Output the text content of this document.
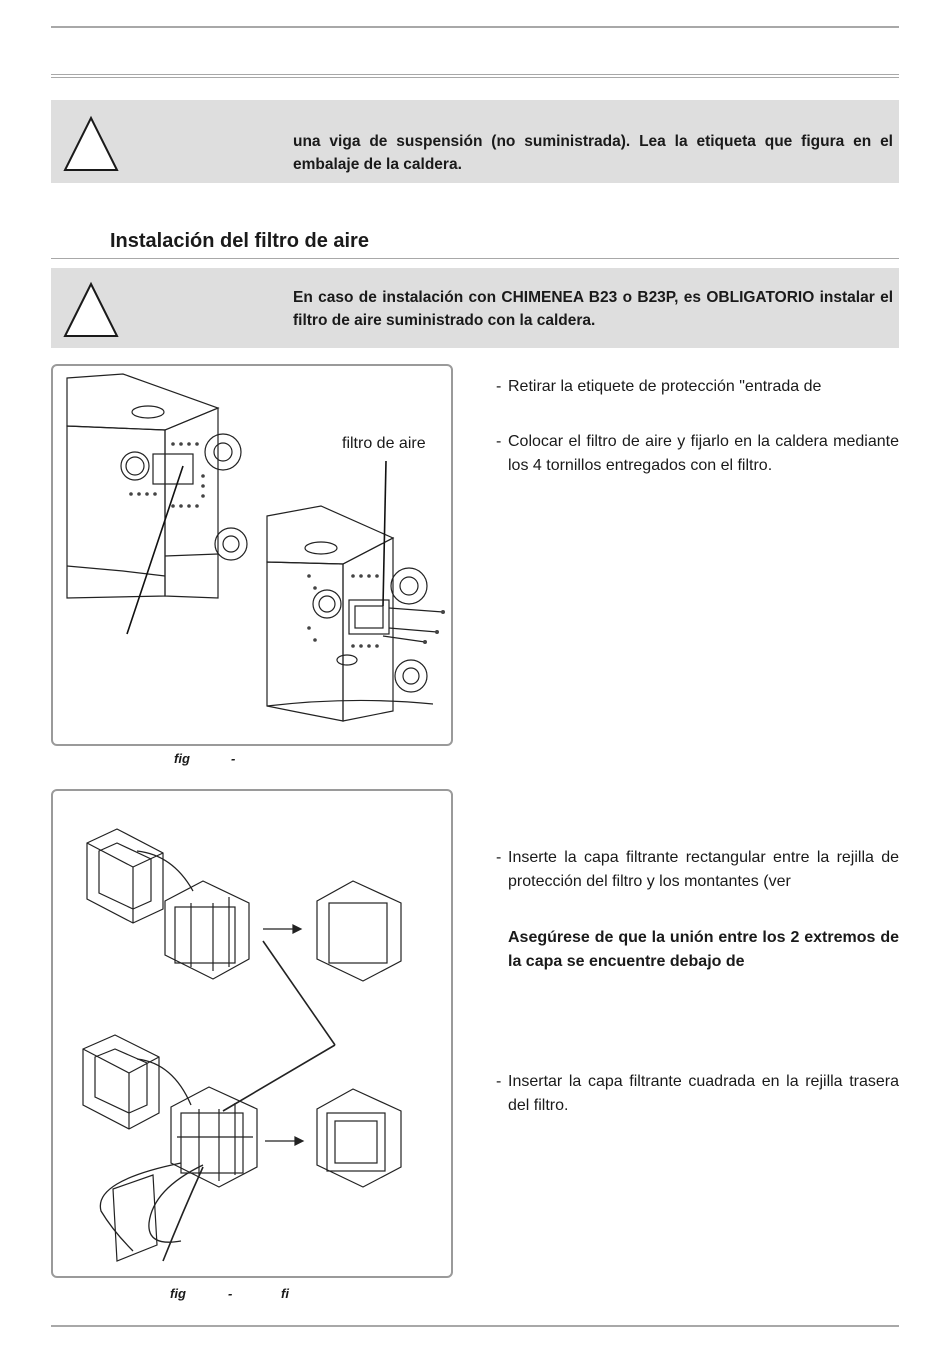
una viga de suspensión (no suministrada). Lea la etiqueta que figura en el embalaje de la caldera.
Instalación del filtro de aire
En caso de instalación con CHIMENEA B23 o B23P, es OBLIGATORIO instalar el filtro de aire suministrado con la caldera.
filtro de aire
fig	-
fig	-	fi
- Retirar la etiquete de protección "entrada de
- Colocar el filtro de aire y fijarlo en la caldera mediante los 4 tornillos entregados con el filtro.
- Inserte la capa filtrante rectangular entre la rejilla de protección del filtro y los montantes (ver
Asegúrese de que la unión entre los 2 extremos de la capa se encuentre debajo de
- Insertar la capa filtrante cuadrada en la rejilla trasera del filtro.
